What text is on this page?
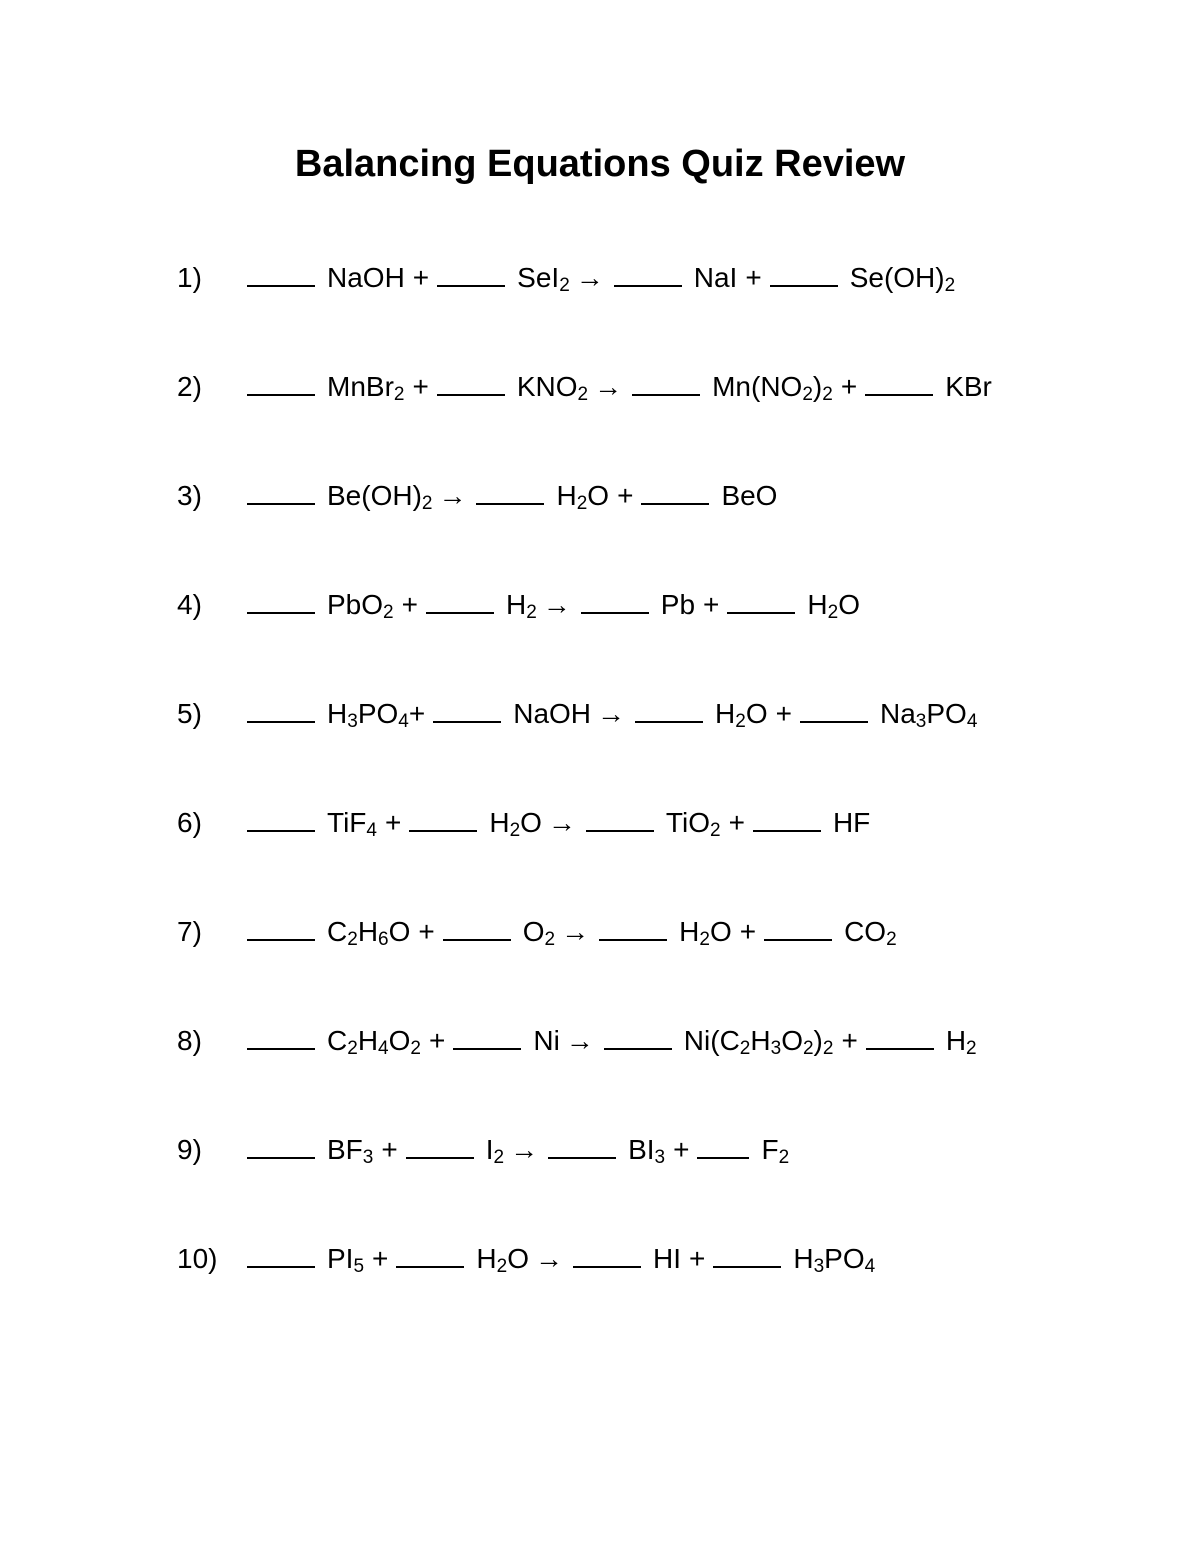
Balancing Equations Quiz Review
1)	NaOH +	SeI$_2$ →	NaI +	$Se(OH)_2$
2)	MnBr$_2$ +	$KNO_2$ →	$Mn(NO_2)_2$ +	KBr
3)	$Be(OH)_2$ →	$H_2O$ +	BeO
4)	PbO$_2$ +	$H_2$ →	Pb +	$H_2O$
5)	$H_3PO_4+$	NaOH →	$H_2O$ +	$Na_3PO_4$
6)	TiF$_4$ +	$H_2O$ →	TiO$_2$ +	HF
7)	$C_2H_6O$ +	$O_2$ →	$H_2O$ +	$CO_2$
8)	$C_2H_4O_2$ +	Ni →	$Ni(C_2H_3O_2)_2$ +	$H_2$
9)	$BF_3$ +	$I_2$ →	$BI_3$ +	$F_2$
10)	$PI_5$ +	$H_2O$ →	HI +	$H_3PO_4$
